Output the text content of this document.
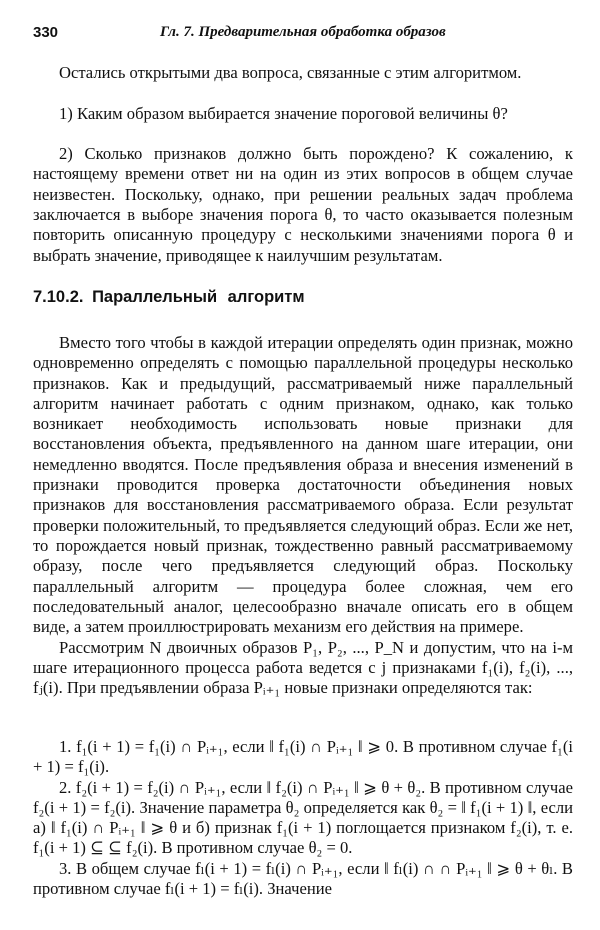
330	Гл. 7. Предварительная обработка образов

Остались открытыми два вопроса, связанные с этим алгоритмом.

1) Каким образом выбирается значение пороговой величины θ?

2) Сколько признаков должно быть порождено? К сожалению, к настоящему времени ответ ни на один из этих вопросов в общем случае неизвестен. Поскольку, однако, при решении реальных задач проблема заключается в выборе значения порога θ, то часто оказывается полезным повторить описанную процедуру с несколькими значениями порога θ и выбрать значение, приводящее к наилучшим результатам.

7.10.2. Параллельный алгоритм

Вместо того чтобы в каждой итерации определять один признак, можно одновременно определять с помощью параллельной процедуры несколько признаков. Как и предыдущий, рассматриваемый ниже параллельный алгоритм начинает работать с одним признаком, однако, как только возникает необходимость использовать новые признаки для восстановления объекта, предъявленного на данном шаге итерации, они немедленно вводятся. После предъявления образа и внесения изменений в признаки проводится проверка достаточности объединения новых признаков для восстановления рассматриваемого образа. Если результат проверки положительный, то предъявляется следующий образ. Если же нет, то порождается новый признак, тождественно равный рассматриваемому образу, после чего предъявляется следующий образ. Поскольку параллельный алгоритм — процедура более сложная, чем его последовательный аналог, целесообразно вначале описать его в общем виде, а затем проиллюстрировать механизм его действия на примере.

Рассмотрим N двоичных образов P₁, P₂, ..., P_N и допустим, что на i-м шаге итерационного процесса работа ведется с j признаками f₁(i), f₂(i), ..., fⱼ(i). При предъявлении образа Pᵢ₊₁ новые признаки определяются так:

1. f₁(i + 1) = f₁(i) ∩ Pᵢ₊₁, если ‖ f₁(i) ∩ Pᵢ₊₁ ‖ ⩾ 0. В противном случае f₁(i + 1) = f₁(i).

2. f₂(i + 1) = f₂(i) ∩ Pᵢ₊₁, если ‖ f₂(i) ∩ Pᵢ₊₁ ‖ ⩾ θ + θ₂. В противном случае f₂(i + 1) = f₂(i). Значение параметра θ₂ определяется как θ₂ = ‖ f₁(i + 1) ‖, если а) ‖ f₁(i) ∩ Pᵢ₊₁ ‖ ⩾ θ и б) признак f₁(i + 1) поглощается признаком f₂(i), т. е. f₁(i + 1) ⊆ ⊆ f₂(i). В противном случае θ₂ = 0.

3. В общем случае fₗ(i + 1) = fₗ(i) ∩ Pᵢ₊₁, если ‖ fₗ(i) ∩ ∩ Pᵢ₊₁ ‖ ⩾ θ + θₗ. В противном случае fₗ(i + 1) = fₗ(i). Значение
